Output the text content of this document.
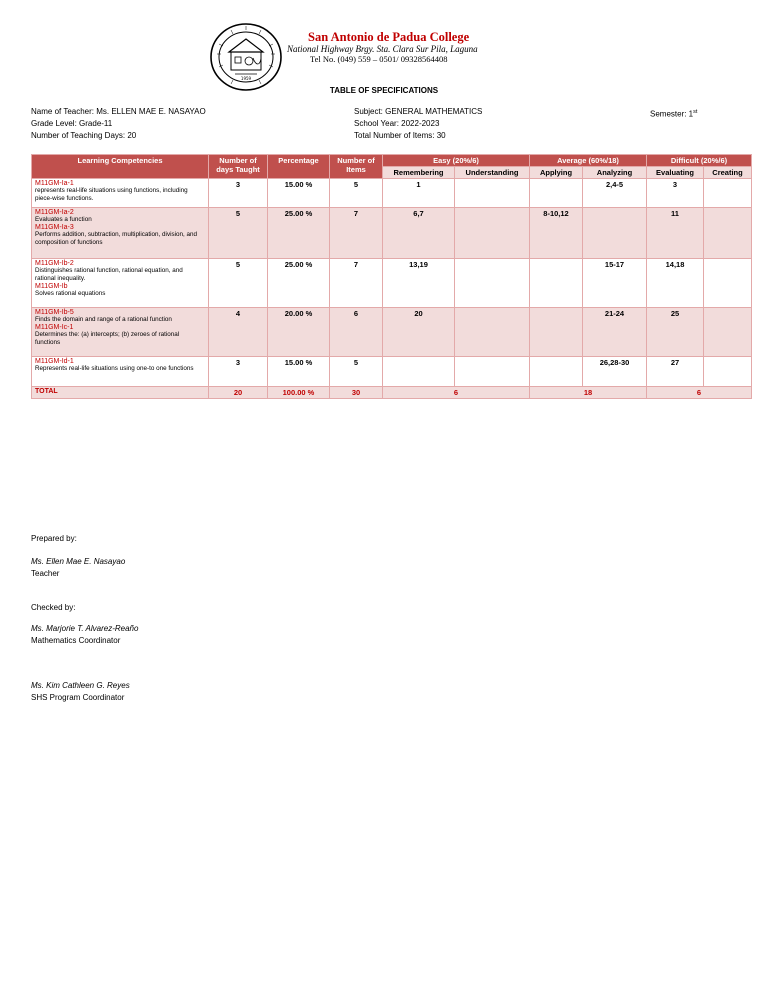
1959
San Antonio de Padua College
National Highway Brgy. Sta. Clara Sur Pila, Laguna
Tel No. (049) 559 – 0501/ 09328564408
TABLE OF SPECIFICATIONS
Name of Teacher: Ms. ELLEN MAE E. NASAYAO
Grade Level: Grade-11
Number of Teaching Days: 20
Subject: GENERAL MATHEMATICS
School Year: 2022-2023
Total Number of Items: 30
Semester: 1st
Learning Competencies	Number of days Taught	Percentage	Number of Items	Easy (20%/6)		Average (60%/18)		Difficult (20%/6)	
				Remembering	Understanding	Applying	Analyzing	Evaluating	Creating

M11GM-Ia-1
represents real-life situations using functions, including piece-wise functions.	3	15.00 %	5	1			2,4-5	3	

M11GM-Ia-2
Evaluates a function
M11GM-Ia-3
Performs addition, subtraction, multiplication, division, and composition of functions	5	25.00 %	7	6,7		8-10,12		11	

M11GM-Ib-2
Distinguishes rational function, rational equation, and rational inequality.
M11GM-Ib
Solves rational equations	5	25.00 %	7	13,19			15-17	14,18	

M11GM-Ib-5
Finds the domain and range of a rational function
M11GM-Ic-1
Determines the: (a) intercepts; (b) zeroes of rational functions	4	20.00 %	6	20			21-24	25	

M11GM-Id-1
Represents real-life situations using one-to one functions	3	15.00 %	5				26,28-30	27	
TOTAL	20	100.00 %	30	6		18		6	
Prepared by:
Ms. Ellen Mae E. Nasayao
Teacher
Checked by:
Ms. Marjorie T. Alvarez-Reaño
Mathematics Coordinator
Ms. Kim Cathleen G. Reyes
SHS Program Coordinator
